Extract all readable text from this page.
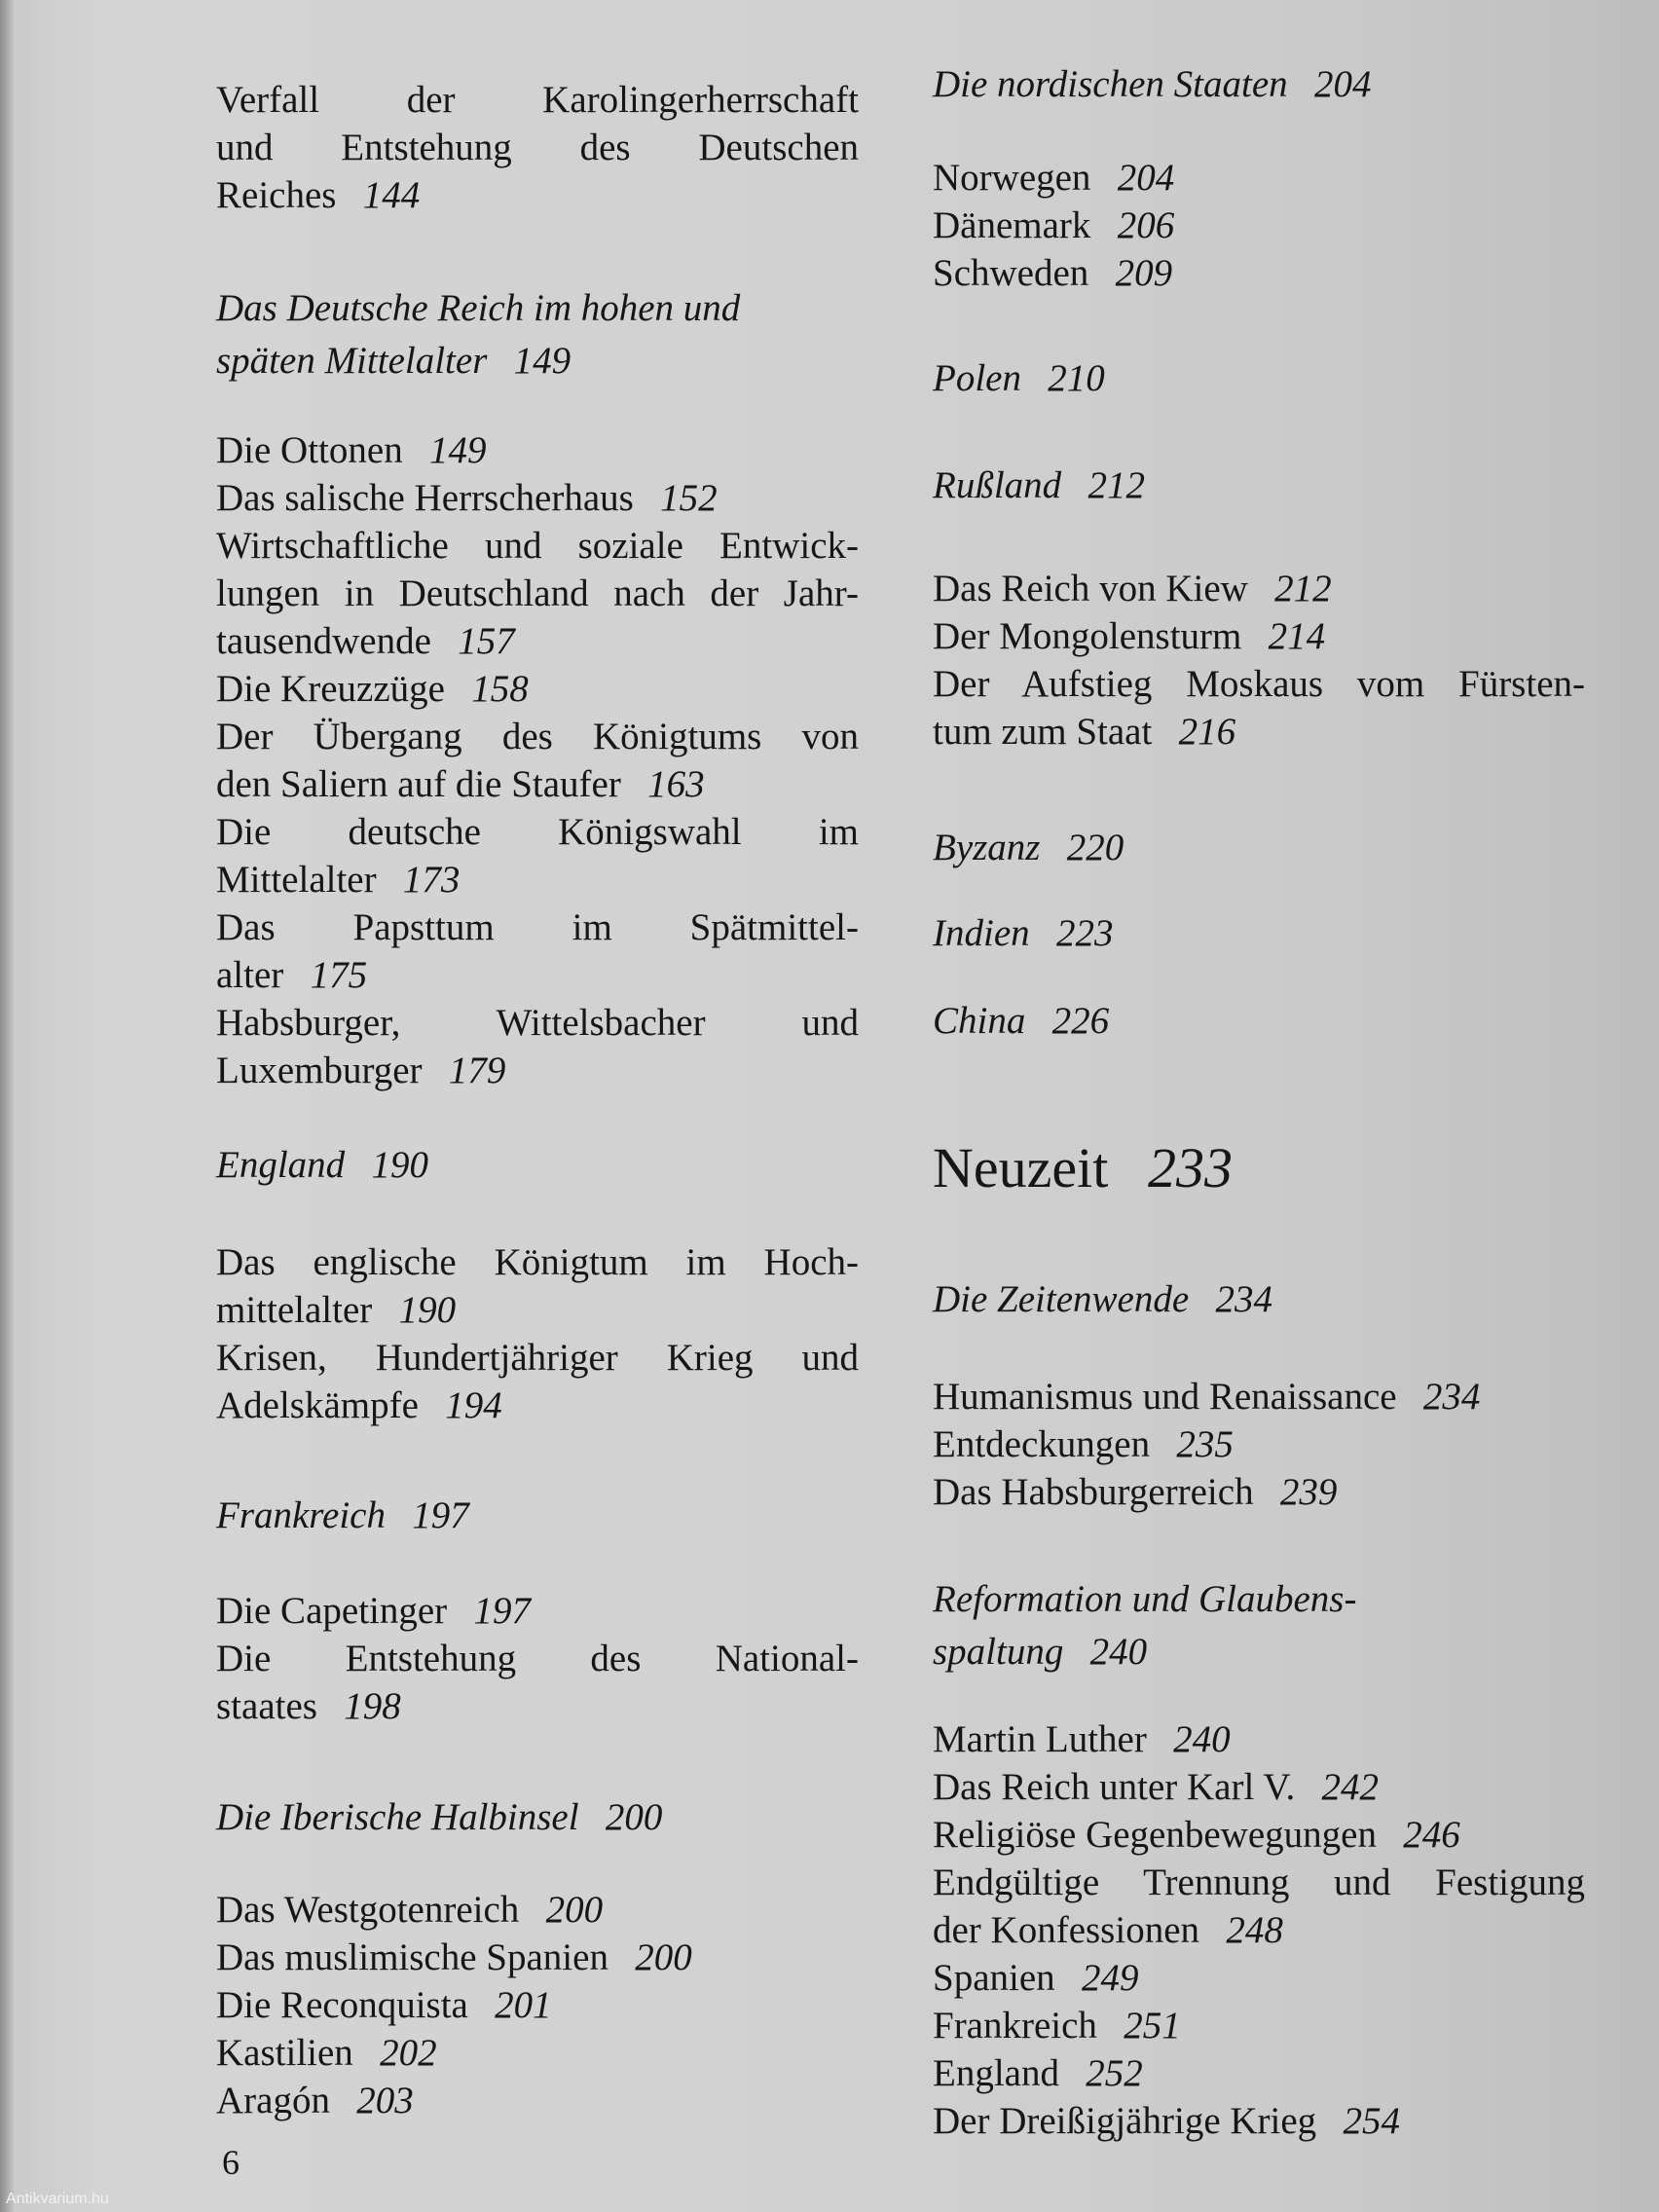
Verfall der Karolingerherrschaft
und Entstehung des Deutschen
Reiches 144
Das Deutsche Reich im hohen und
späten Mittelalter 149
Die Ottonen 149
Das salische Herrscherhaus 152
Wirtschaftliche und soziale Entwick-
lungen in Deutschland nach der Jahr-
tausendwende 157
Die Kreuzzüge 158
Der Übergang des Königtums von
den Saliern auf die Staufer 163
Die deutsche Königswahl im
Mittelalter 173
Das Papsttum im Spätmittel-
alter 175
Habsburger, Wittelsbacher und
Luxemburger 179
England 190
Das englische Königtum im Hoch-
mittelalter 190
Krisen, Hundertjähriger Krieg und
Adelskämpfe 194
Frankreich 197
Die Capetinger 197
Die Entstehung des National-
staates 198
Die Iberische Halbinsel 200
Das Westgotenreich 200
Das muslimische Spanien 200
Die Reconquista 201
Kastilien 202
Aragón 203
Die nordischen Staaten 204
Norwegen 204
Dänemark 206
Schweden 209
Polen 210
Rußland 212
Das Reich von Kiew 212
Der Mongolensturm 214
Der Aufstieg Moskaus vom Fürsten-
tum zum Staat 216
Byzanz 220
Indien 223
China 226
Neuzeit 233
Die Zeitenwende 234
Humanismus und Renaissance 234
Entdeckungen 235
Das Habsburgerreich 239
Reformation und Glaubens-
spaltung 240
Martin Luther 240
Das Reich unter Karl V. 242
Religiöse Gegenbewegungen 246
Endgültige Trennung und Festigung
der Konfessionen 248
Spanien 249
Frankreich 251
England 252
Der Dreißigjährige Krieg 254
6
Antikvarium.hu
